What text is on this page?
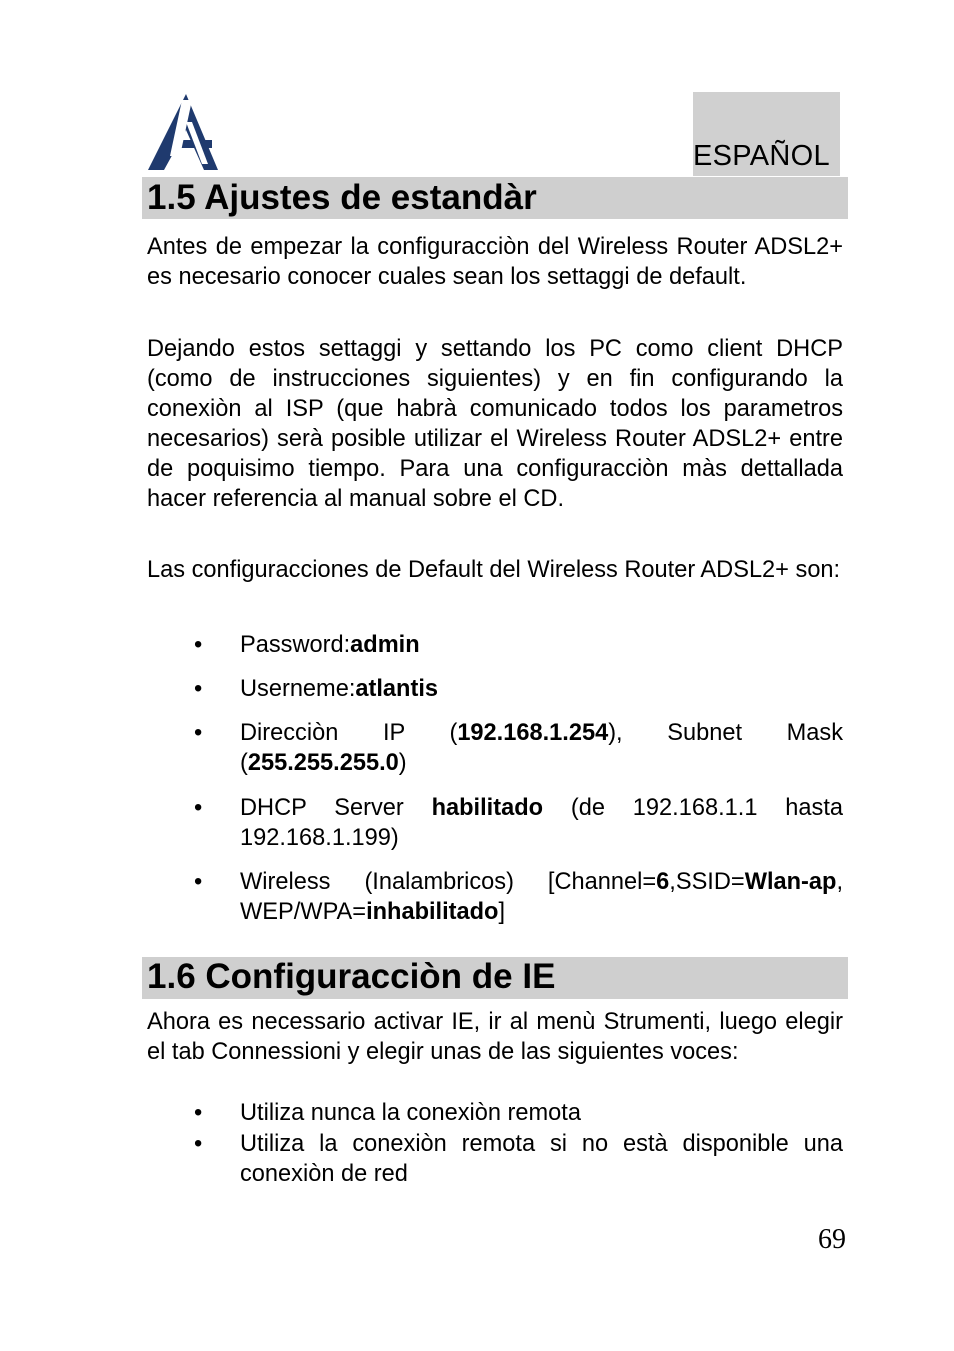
ESPAÑOL
1.5 Ajustes de estandàr
Antes de empezar la configuracciòn del Wireless Router ADSL2+ es necesario conocer cuales sean los settaggi de default.
Dejando estos settaggi y settando los PC como client DHCP (como de instrucciones siguientes) y en fin configurando la conexiòn al ISP (que habrà comunicado todos los parametros necesarios) serà posible utilizar el Wireless Router ADSL2+ entre de poquisimo tiempo. Para una configuracciòn màs dettallada hacer referencia al manual sobre el CD.
Las configuracciones de Default del Wireless Router ADSL2+ son:
• Password:admin
• Userneme:atlantis
• Direcciòn IP (192.168.1.254), Subnet Mask (255.255.255.0)
• DHCP Server habilitado (de 192.168.1.1 hasta 192.168.1.199)
• Wireless (Inalambricos) [Channel=6,SSID=Wlan-ap, WEP/WPA=inhabilitado]
1.6 Configuracciòn de IE
Ahora es necessario activar IE, ir al menù Strumenti, luego elegir el tab Connessioni y elegir unas de las siguientes voces:
• Utiliza nunca la conexiòn remota
• Utiliza la conexiòn remota si no està disponible una conexiòn de red
69
